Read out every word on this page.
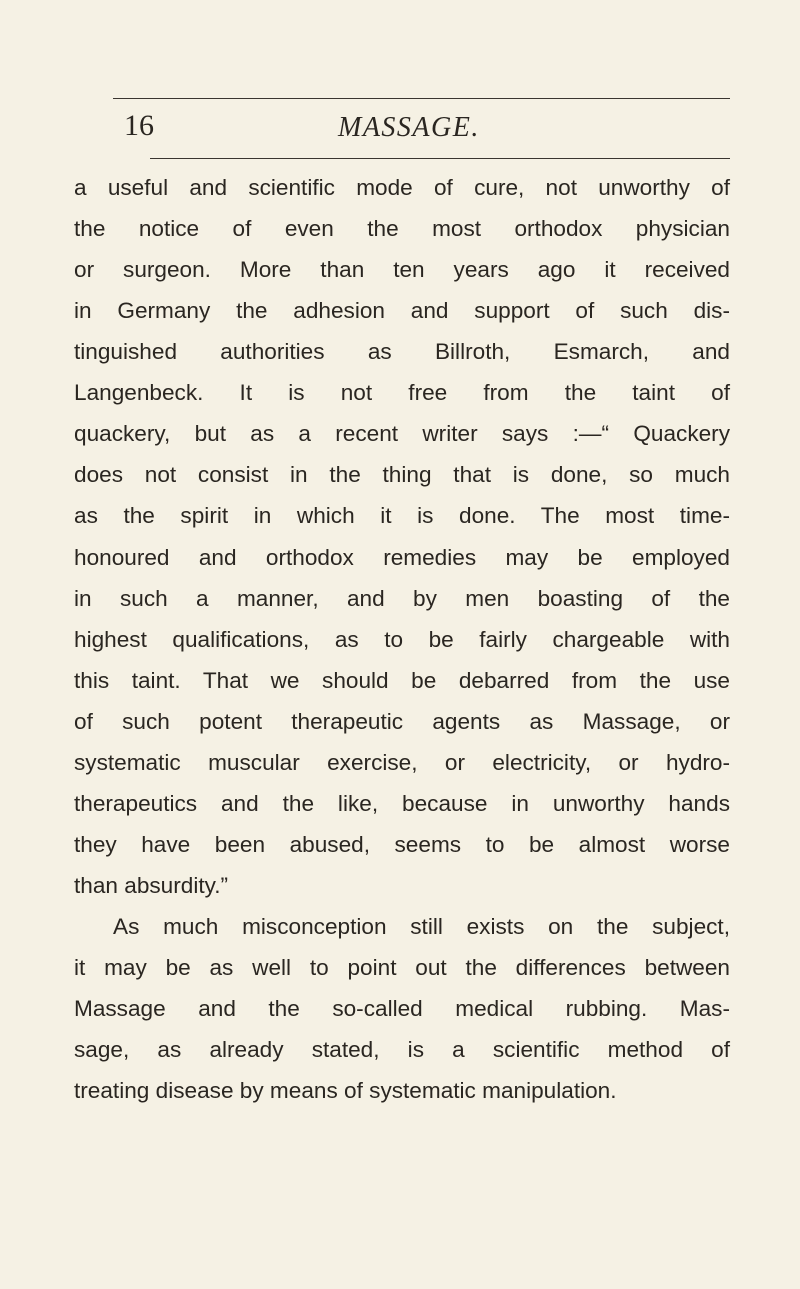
16	MASSAGE.
a useful and scientific mode of cure, not unworthy of
the notice of even the most orthodox physician
or surgeon. More than ten years ago it received
in Germany the adhesion and support of such dis-
tinguished authorities as Billroth, Esmarch, and
Langenbeck. It is not free from the taint of
quackery, but as a recent writer says :—“ Quackery
does not consist in the thing that is done, so much
as the spirit in which it is done. The most time-
honoured and orthodox remedies may be employed
in such a manner, and by men boasting of the
highest qualifications, as to be fairly chargeable with
this taint. That we should be debarred from the use
of such potent therapeutic agents as Massage, or
systematic muscular exercise, or electricity, or hydro-
therapeutics and the like, because in unworthy hands
they have been abused, seems to be almost worse
than absurdity.”
As much misconception still exists on the subject,
it may be as well to point out the differences between
Massage and the so-called medical rubbing. Mas-
sage, as already stated, is a scientific method of
treating disease by means of systematic manipulation.
